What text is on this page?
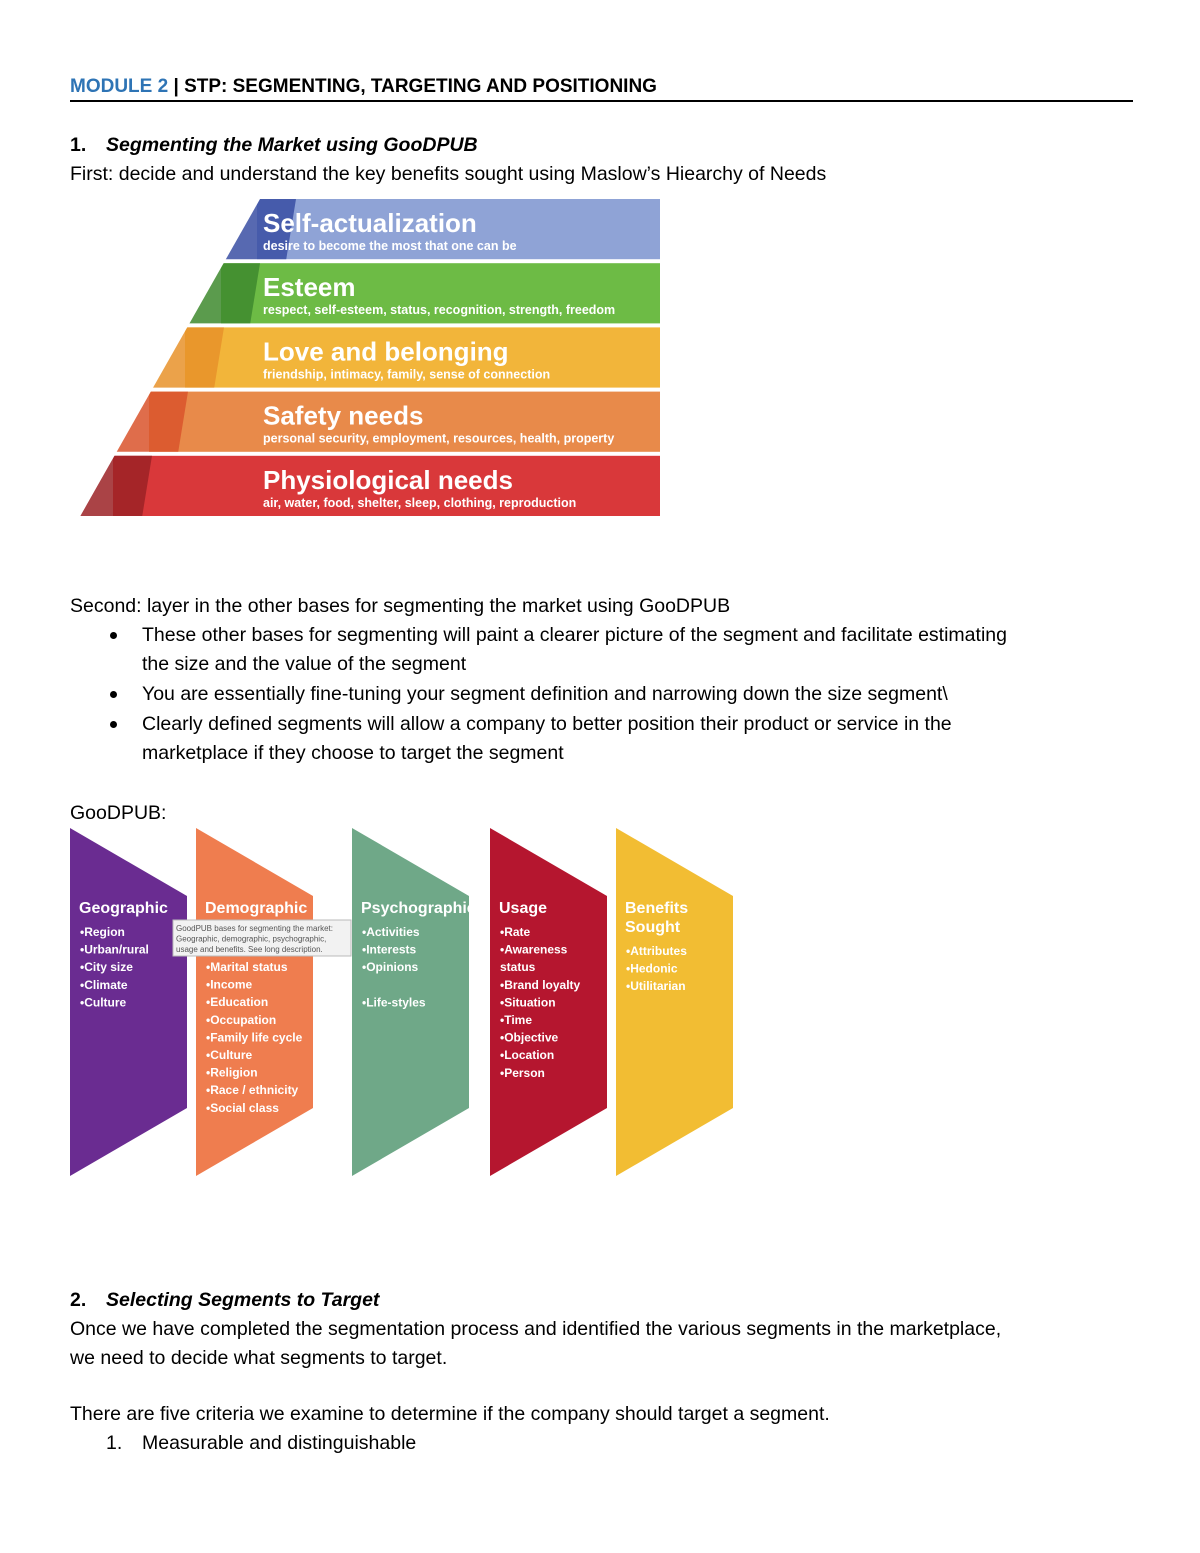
MODULE 2 | STP: SEGMENTING, TARGETING AND POSITIONING
1. Segmenting the Market using GooDPUB
First: decide and understand the key benefits sought using Maslow’s Hiearchy of Needs
Self-actualization
desire to become the most that one can be
Esteem
respect, self-esteem, status, recognition, strength, freedom
Love and belonging
friendship, intimacy, family, sense of connection
Safety needs
personal security, employment, resources, health, property
Physiological needs
air, water, food, shelter, sleep, clothing, reproduction
Second: layer in the other bases for segmenting the market using GooDPUB
These other bases for segmenting will paint a clearer picture of the segment and facilitate estimating
the size and the value of the segment
You are essentially fine-tuning your segment definition and narrowing down the size segment\
Clearly defined segments will allow a company to better position their product or service in the
marketplace if they choose to target the segment
GooDPUB:
Geographic
•Region
•Urban/rural
•City size
•Climate
•Culture
Demographic
•Marital status
•Income
•Education
•Occupation
•Family life cycle
•Culture
•Religion
•Race / ethnicity
•Social class
Psychographic
•Activities
•Interests
•Opinions
•Life-styles
Usage
•Rate
•Awareness
status
•Brand loyalty
•Situation
•Time
•Objective
•Location
•Person
Benefits
Sought
•Attributes
•Hedonic
•Utilitarian
GoodPUB bases for segmenting the market:
Geographic, demographic, psychographic,
usage and benefits. See long description.
2. Selecting Segments to Target
Once we have completed the segmentation process and identified the various segments in the marketplace,
we need to decide what segments to target.
There are five criteria we examine to determine if the company should target a segment.
1. Measurable and distinguishable
